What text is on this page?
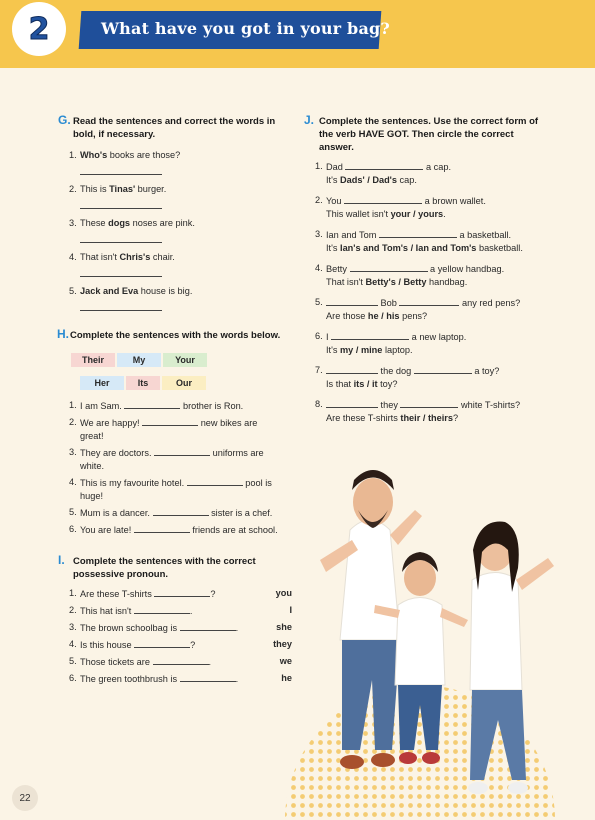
2	What have you got in your bag?
G. Read the sentences and correct the words in bold, if necessary.
1. Who's books are those?
2. This is Tinas' burger.
3. These dogs noses are pink.
4. That isn't Chris's chair.
5. Jack and Eva house is big.
H. Complete the sentences with the words below.
Their	My	Your
Her	Its	Our
1. I am Sam.	brother is Ron.
2. We are happy!	new bikes are great!
3. They are doctors.	uniforms are white.
4. This is my favourite hotel.	pool is huge!
5. Mum is a dancer.	sister is a chef.
6. You are late!	friends are at school.
I. Complete the sentences with the correct possessive pronoun.
1. Are these T-shirts	?	you
2. This hat isn't	.	I
3. The brown schoolbag is	.	she
4. Is this house	?	they
5. Those tickets are	.	we
6. The green toothbrush is	.	he
J. Complete the sentences. Use the correct form of the verb HAVE GOT. Then circle the correct answer.
1. Dad	a cap.
It's Dads' / Dad's cap.
2. You	a brown wallet.
This wallet isn't your / yours.
3. Ian and Tom	a basketball.
It's Ian's and Tom's / Ian and Tom's basketball.
4. Betty	a yellow handbag.
That isn't Betty's / Betty handbag.
5.	Bob	any red pens?
Are those he / his pens?
6. I	a new laptop.
It's my / mine laptop.
7.	the dog	a toy?
Is that its / it toy?
8.	they	white T-shirts?
Are these T-shirts their / theirs?
22
